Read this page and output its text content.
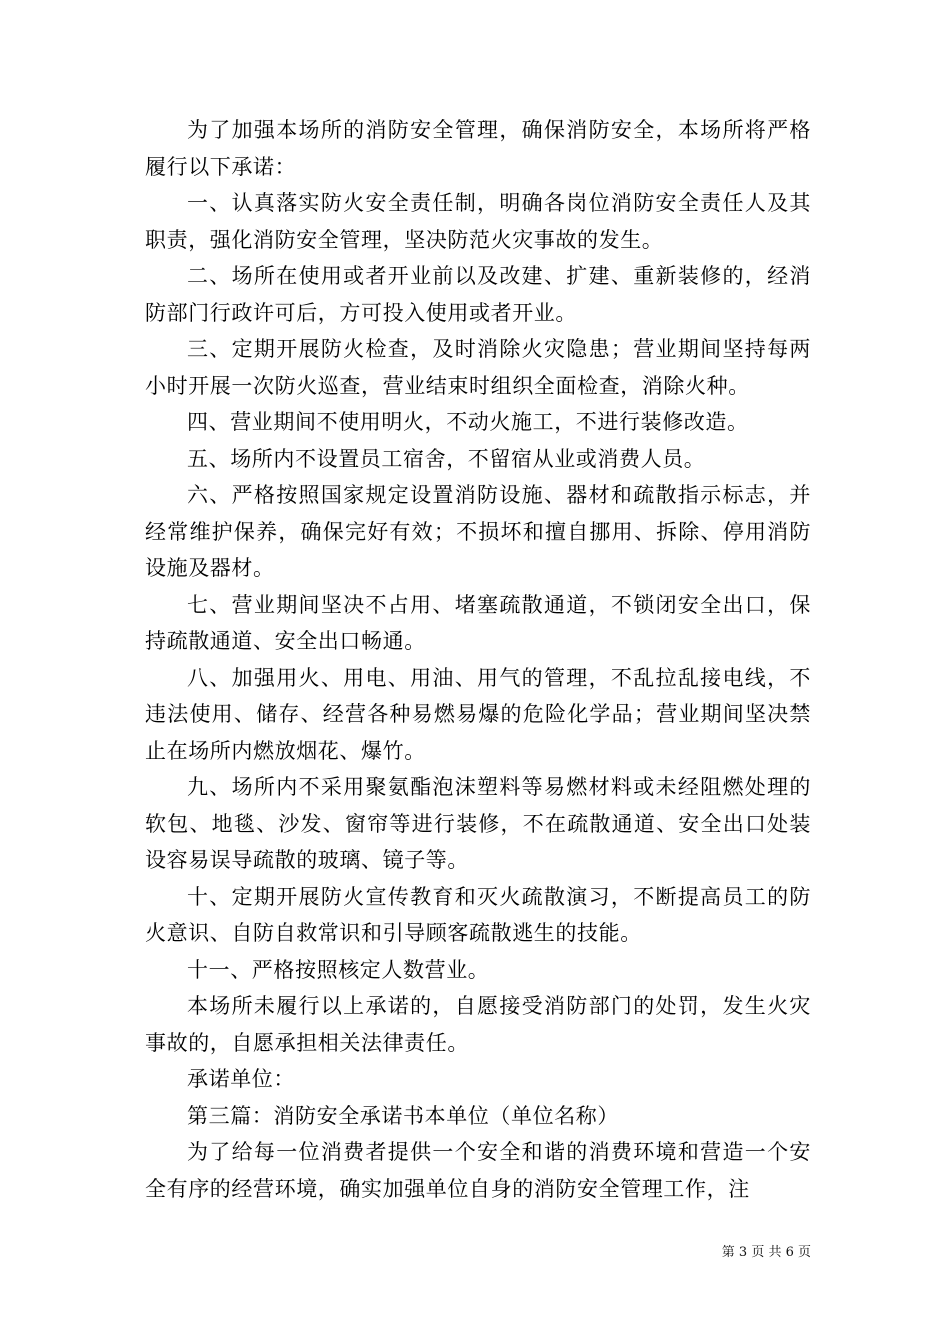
为了加强本场所的消防安全管理，确保消防安全，本场所将严格履行以下承诺：

一、认真落实防火安全责任制，明确各岗位消防安全责任人及其职责，强化消防安全管理，坚决防范火灾事故的发生。

二、场所在使用或者开业前以及改建、扩建、重新装修的，经消防部门行政许可后，方可投入使用或者开业。

三、定期开展防火检查，及时消除火灾隐患；营业期间坚持每两小时开展一次防火巡查，营业结束时组织全面检查，消除火种。

四、营业期间不使用明火，不动火施工，不进行装修改造。

五、场所内不设置员工宿舍，不留宿从业或消费人员。

六、严格按照国家规定设置消防设施、器材和疏散指示标志，并经常维护保养，确保完好有效；不损坏和擅自挪用、拆除、停用消防设施及器材。

七、营业期间坚决不占用、堵塞疏散通道，不锁闭安全出口，保持疏散通道、安全出口畅通。

八、加强用火、用电、用油、用气的管理，不乱拉乱接电线，不违法使用、储存、经营各种易燃易爆的危险化学品；营业期间坚决禁止在场所内燃放烟花、爆竹。

九、场所内不采用聚氨酯泡沫塑料等易燃材料或未经阻燃处理的软包、地毯、沙发、窗帘等进行装修，不在疏散通道、安全出口处装设容易误导疏散的玻璃、镜子等。

十、定期开展防火宣传教育和灭火疏散演习，不断提高员工的防火意识、自防自救常识和引导顾客疏散逃生的技能。

十一、严格按照核定人数营业。

本场所未履行以上承诺的，自愿接受消防部门的处罚，发生火灾事故的，自愿承担相关法律责任。

承诺单位：

第三篇：消防安全承诺书本单位（单位名称）

为了给每一位消费者提供一个安全和谐的消费环境和营造一个安全有序的经营环境，确实加强单位自身的消防安全管理工作，注

第 3 页 共 6 页
